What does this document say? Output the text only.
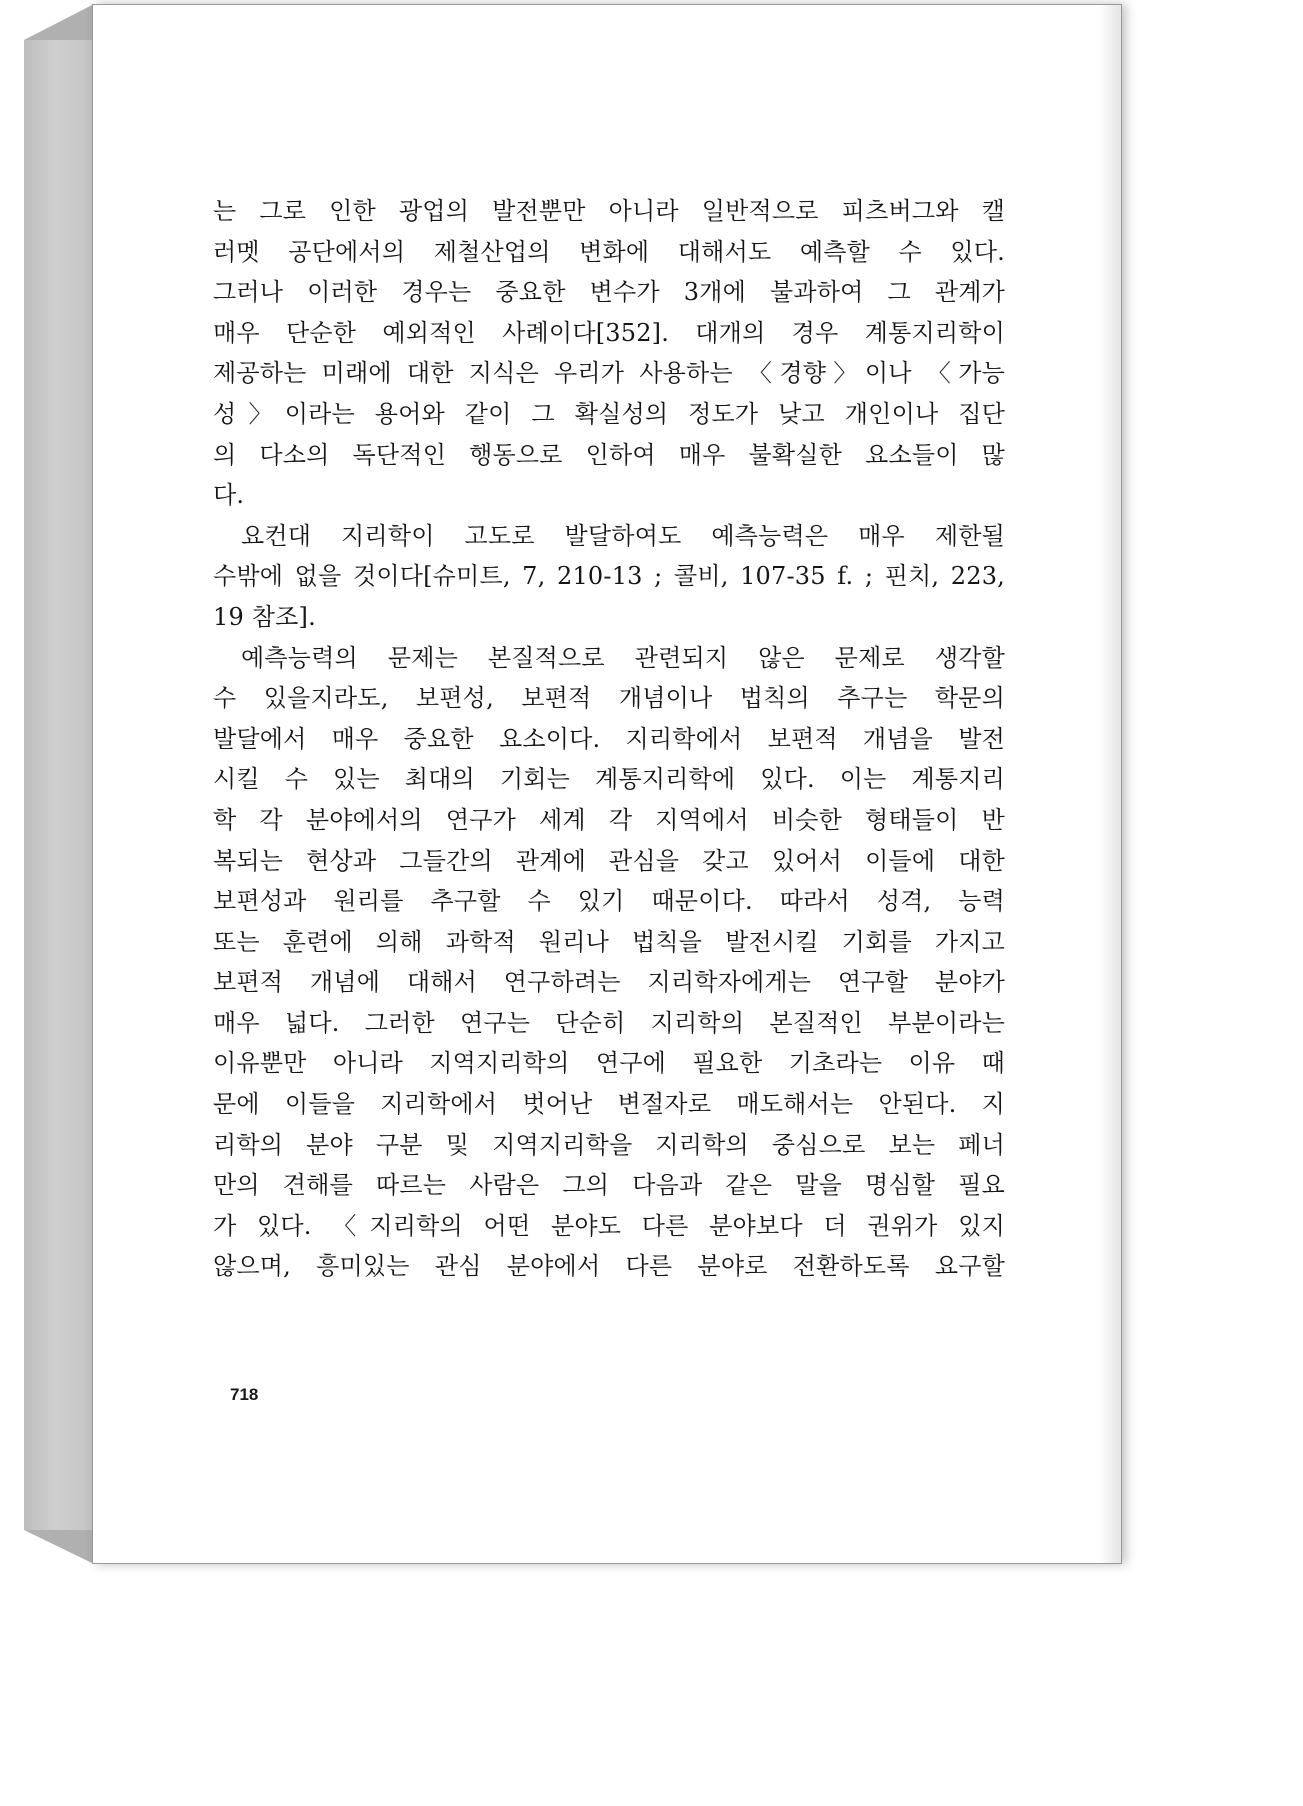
는 그로 인한 광업의 발전뿐만 아니라 일반적으로 피츠버그와 캘
러멧 공단에서의 제철산업의 변화에 대해서도 예측할 수 있다.
그러나 이러한 경우는 중요한 변수가 3개에 불과하여 그 관계가
매우 단순한 예외적인 사례이다[352]. 대개의 경우 계통지리학이
제공하는 미래에 대한 지식은 우리가 사용하는 〈경향〉이나 〈가능
성〉이라는 용어와 같이 그 확실성의 정도가 낮고 개인이나 집단
의 다소의 독단적인 행동으로 인하여 매우 불확실한 요소들이 많
다.
요컨대 지리학이 고도로 발달하여도 예측능력은 매우 제한될
수밖에 없을 것이다[슈미트, 7, 210-13 ; 콜비, 107-35 f. ; 핀치, 223,
19 참조].
예측능력의 문제는 본질적으로 관련되지 않은 문제로 생각할
수 있을지라도, 보편성, 보편적 개념이나 법칙의 추구는 학문의
발달에서 매우 중요한 요소이다. 지리학에서 보편적 개념을 발전
시킬 수 있는 최대의 기회는 계통지리학에 있다. 이는 계통지리
학 각 분야에서의 연구가 세계 각 지역에서 비슷한 형태들이 반
복되는 현상과 그들간의 관계에 관심을 갖고 있어서 이들에 대한
보편성과 원리를 추구할 수 있기 때문이다. 따라서 성격, 능력
또는 훈련에 의해 과학적 원리나 법칙을 발전시킬 기회를 가지고
보편적 개념에 대해서 연구하려는 지리학자에게는 연구할 분야가
매우 넓다. 그러한 연구는 단순히 지리학의 본질적인 부분이라는
이유뿐만 아니라 지역지리학의 연구에 필요한 기초라는 이유 때
문에 이들을 지리학에서 벗어난 변절자로 매도해서는 안된다. 지
리학의 분야 구분 및 지역지리학을 지리학의 중심으로 보는 페너
만의 견해를 따르는 사람은 그의 다음과 같은 말을 명심할 필요
가 있다. 〈지리학의 어떤 분야도 다른 분야보다 더 권위가 있지
않으며, 흥미있는 관심 분야에서 다른 분야로 전환하도록 요구할
718
